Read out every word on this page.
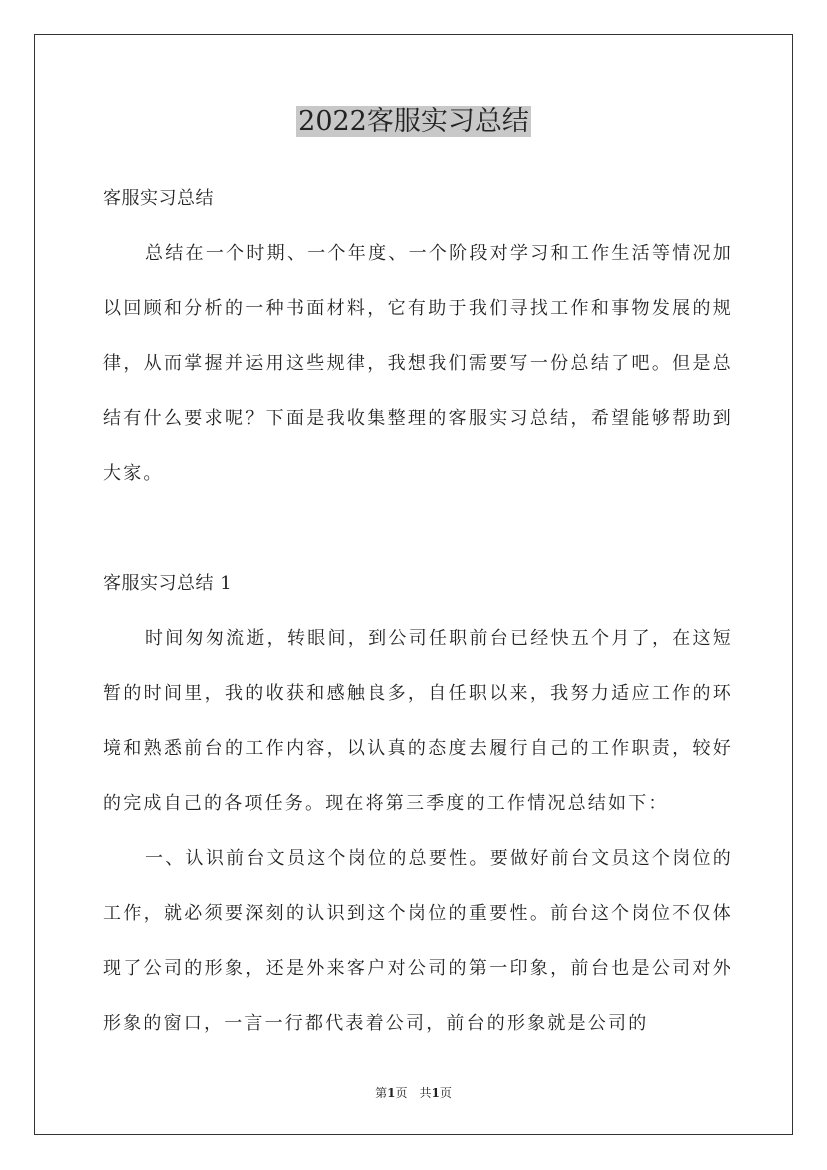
2022客服实习总结

客服实习总结

总结在一个时期、一个年度、一个阶段对学习和工作生活等情况加以回顾和分析的一种书面材料，它有助于我们寻找工作和事物发展的规律，从而掌握并运用这些规律，我想我们需要写一份总结了吧。但是总结有什么要求呢？下面是我收集整理的客服实习总结，希望能够帮助到大家。

客服实习总结 1

时间匆匆流逝，转眼间，到公司任职前台已经快五个月了，在这短暂的时间里，我的收获和感触良多，自任职以来，我努力适应工作的环境和熟悉前台的工作内容，以认真的态度去履行自己的工作职责，较好的完成自己的各项任务。现在将第三季度的工作情况总结如下：

一、认识前台文员这个岗位的总要性。要做好前台文员这个岗位的工作，就必须要深刻的认识到这个岗位的重要性。前台这个岗位不仅体现了公司的形象，还是外来客户对公司的第一印象，前台也是公司对外形象的窗口，一言一行都代表着公司，前台的形象就是公司的

第1页 共1页
